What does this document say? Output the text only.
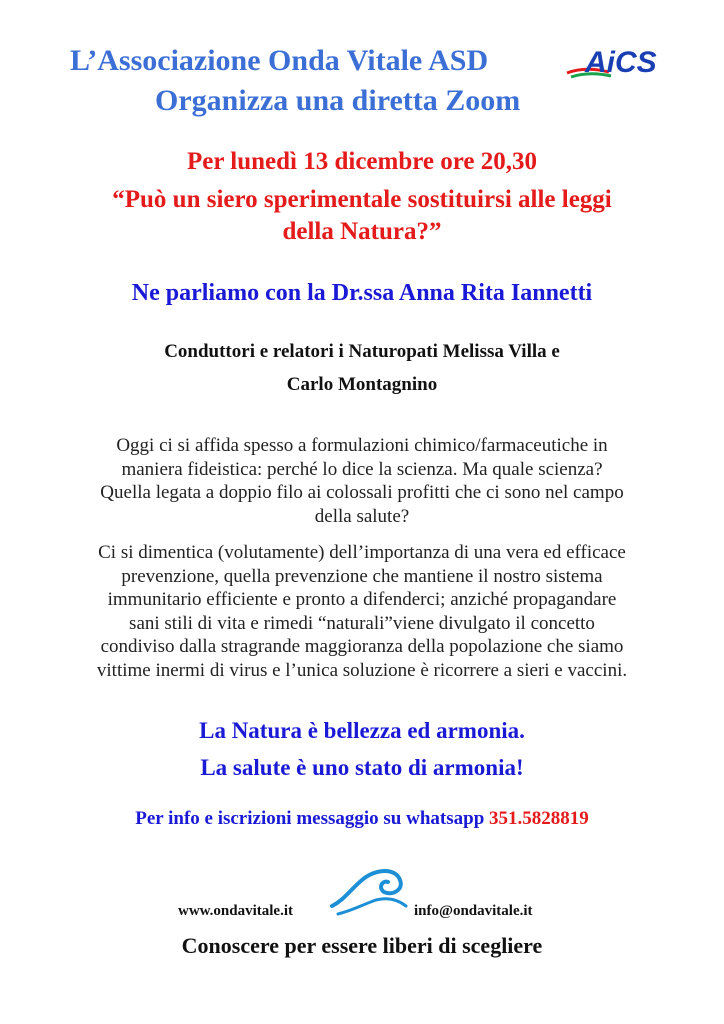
L’Associazione Onda Vitale ASD
Organizza una diretta Zoom
AiCS
Per lunedì 13 dicembre ore 20,30
“Può un siero sperimentale sostituirsi alle leggi
della Natura?”
Ne parliamo con la Dr.ssa Anna Rita Iannetti
Conduttori e relatori i Naturopati Melissa Villa e
Carlo Montagnino
Oggi ci si affida spesso a formulazioni chimico/farmaceutiche in
maniera fideistica: perché lo dice la scienza. Ma quale scienza?
Quella legata a doppio filo ai colossali profitti che ci sono nel campo
della salute?
Ci si dimentica (volutamente) dell’importanza di una vera ed efficace
prevenzione, quella prevenzione che mantiene il nostro sistema
immunitario efficiente e pronto a difenderci; anziché propagandare
sani stili di vita e rimedi “naturali”viene divulgato il concetto
condiviso dalla stragrande maggioranza della popolazione che siamo
vittime inermi di virus e l’unica soluzione è ricorrere a sieri e vaccini.
La Natura è bellezza ed armonia.
La salute è uno stato di armonia!
Per info e iscrizioni messaggio su whatsapp 351.5828819
www.ondavitale.it	info@ondavitale.it
Conoscere per essere liberi di scegliere
